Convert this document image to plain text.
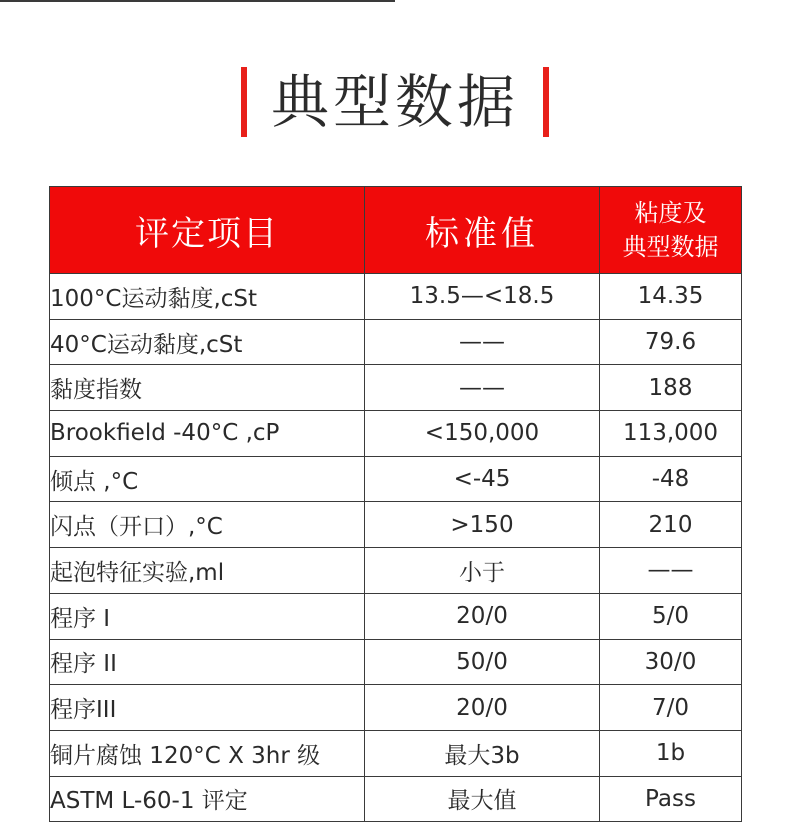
典型数据
评定项目	标准值	粘度及
典型数据
100°C运动黏度,cSt	13.5—<18.5	14.35
40°C运动黏度,cSt	——	79.6
黏度指数	——	188
Brookfield -40°C ,cP	<150,000	113,000
倾点 ,°C	<-45	-48
闪点（开口）,°C	>150	210
起泡特征实验,ml	小于	——
程序 I	20/0	5/0
程序 II	50/0	30/0
程序III	20/0	7/0
铜片腐蚀 120°C X 3hr 级	最大3b	1b
ASTM L-60-1 评定	最大值	Pass
